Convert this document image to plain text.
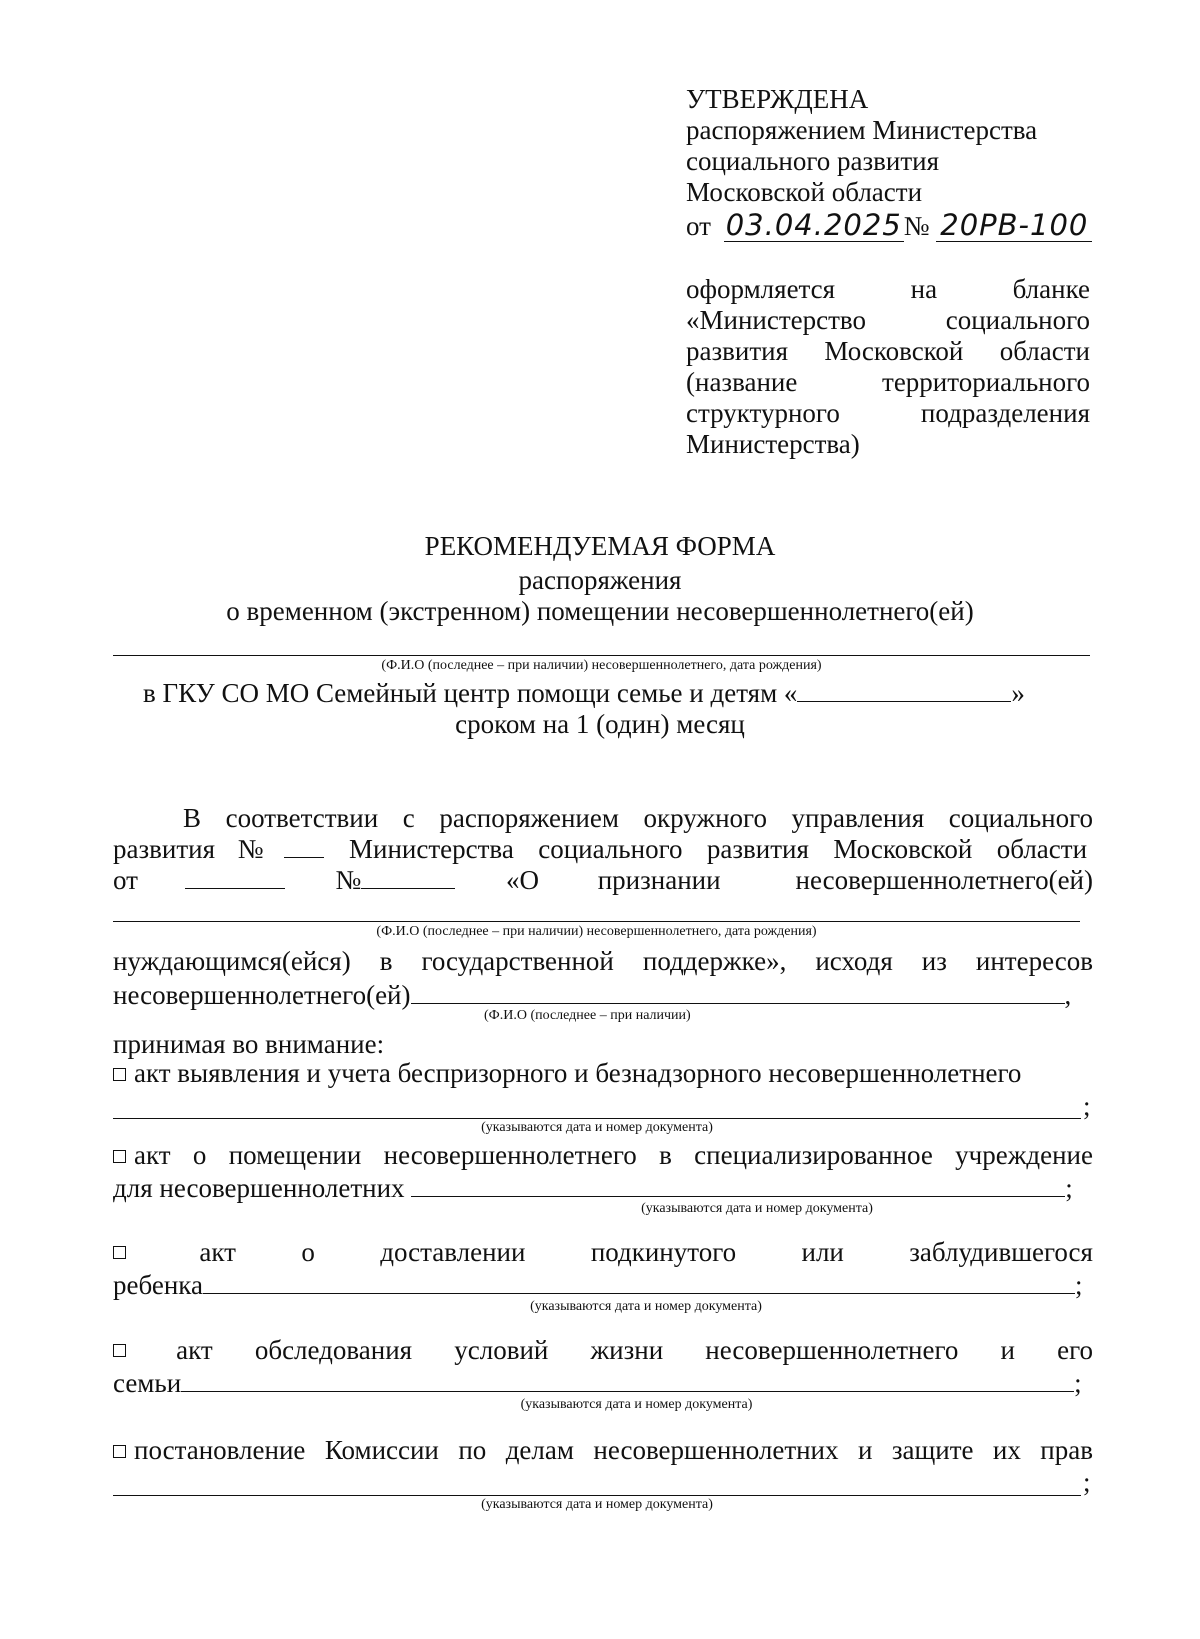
УТВЕРЖДЕНА
распоряжением Министерства
социального развития
Московской области
от 03.04.2025№ 20РВ-100
оформляется	на	бланке
«Министерство	социального
развития Московской области
(название	территориального
структурного	подразделения
Министерства)
РЕКОМЕНДУЕМАЯ ФОРМА
распоряжения
о временном (экстренном) помещении несовершеннолетнего(ей)
(Ф.И.О (последнее – при наличии) несовершеннолетнего, дата рождения)
в ГКУ СО МО Семейный центр помощи семье и детям «	»
сроком на 1 (один) месяц
В соответствии с распоряжением окружного управления социального
развития №	Министерства социального развития Московской области
от	№	«О признании	несовершеннолетнего(ей)
(Ф.И.О (последнее – при наличии) несовершеннолетнего, дата рождения)
нуждающимся(ейся) в государственной поддержке», исходя из интересов
несовершеннолетнего(ей)	,
(Ф.И.О (последнее – при наличии)
принимая во внимание:
акт выявления и учета беспризорного и безнадзорного несовершеннолетнего
;
(указываются дата и номер документа)
акт о помещении несовершеннолетнего в специализированное учреждение
для несовершеннолетних	;
(указываются дата и номер документа)
акт о доставлении подкинутого или заблудившегося
ребенка	;
(указываются дата и номер документа)
акт обследования условий жизни несовершеннолетнего и его
семьи	;
(указываются дата и номер документа)
постановление Комиссии по делам несовершеннолетних и защите их прав
;
(указываются дата и номер документа)
